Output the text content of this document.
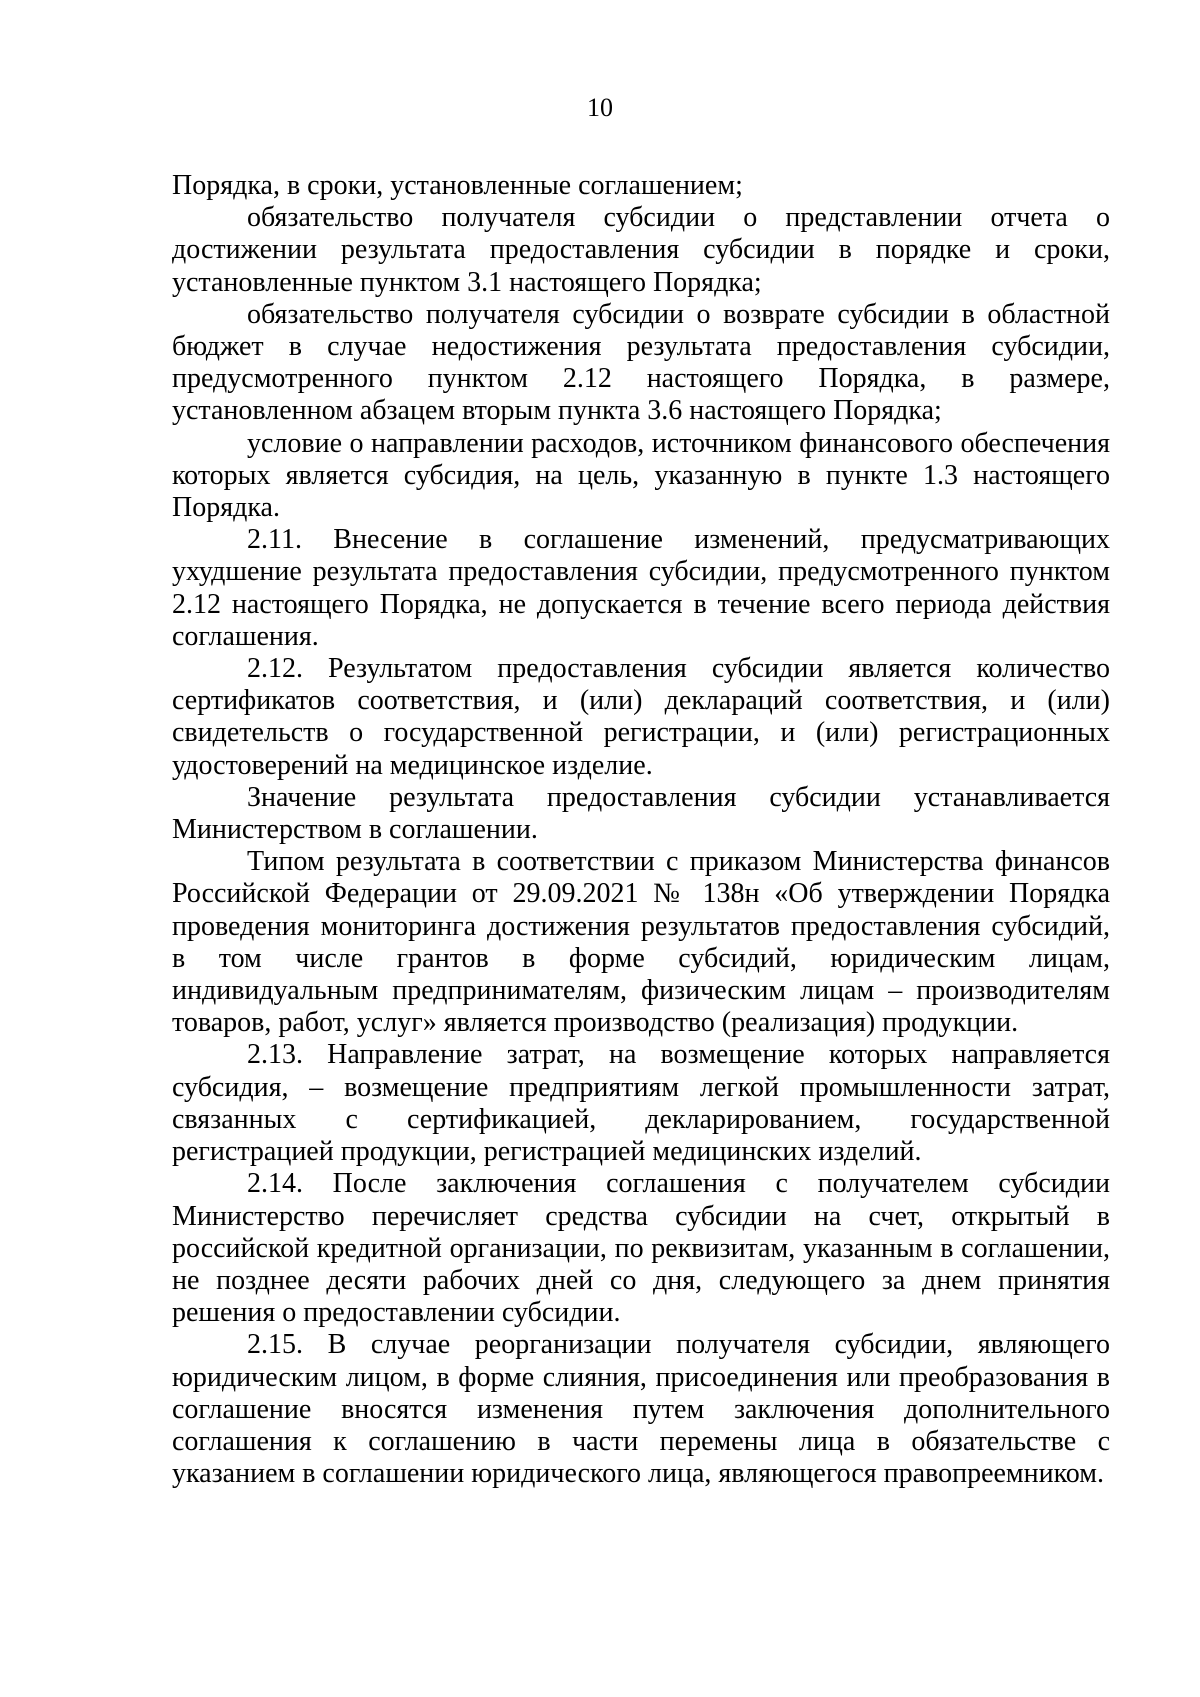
10

Порядка, в сроки, установленные соглашением;

обязательство получателя субсидии о представлении отчета о достижении результата предоставления субсидии в порядке и сроки, установленные пунктом 3.1 настоящего Порядка;

обязательство получателя субсидии о возврате субсидии в областной бюджет в случае недостижения результата предоставления субсидии, предусмотренного пунктом 2.12 настоящего Порядка, в размере, установленном абзацем вторым пункта 3.6 настоящего Порядка;

условие о направлении расходов, источником финансового обеспечения которых является субсидия, на цель, указанную в пункте 1.3 настоящего Порядка.

2.11. Внесение в соглашение изменений, предусматривающих ухудшение результата предоставления субсидии, предусмотренного пунктом 2.12 настоящего Порядка, не допускается в течение всего периода действия соглашения.

2.12. Результатом предоставления субсидии является количество сертификатов соответствия, и (или) деклараций соответствия, и (или) свидетельств о государственной регистрации, и (или) регистрационных удостоверений на медицинское изделие.

Значение результата предоставления субсидии устанавливается Министерством в соглашении.

Типом результата в соответствии с приказом Министерства финансов Российской Федерации от 29.09.2021 № 138н «Об утверждении Порядка проведения мониторинга достижения результатов предоставления субсидий, в том числе грантов в форме субсидий, юридическим лицам, индивидуальным предпринимателям, физическим лицам – производителям товаров, работ, услуг» является производство (реализация) продукции.

2.13. Направление затрат, на возмещение которых направляется субсидия, – возмещение предприятиям легкой промышленности затрат, связанных с сертификацией, декларированием, государственной регистрацией продукции, регистрацией медицинских изделий.

2.14. После заключения соглашения с получателем субсидии Министерство перечисляет средства субсидии на счет, открытый в российской кредитной организации, по реквизитам, указанным в соглашении, не позднее десяти рабочих дней со дня, следующего за днем принятия решения о предоставлении субсидии.

2.15. В случае реорганизации получателя субсидии, являющего юридическим лицом, в форме слияния, присоединения или преобразования в соглашение вносятся изменения путем заключения дополнительного соглашения к соглашению в части перемены лица в обязательстве с указанием в соглашении юридического лица, являющегося правопреемником.
